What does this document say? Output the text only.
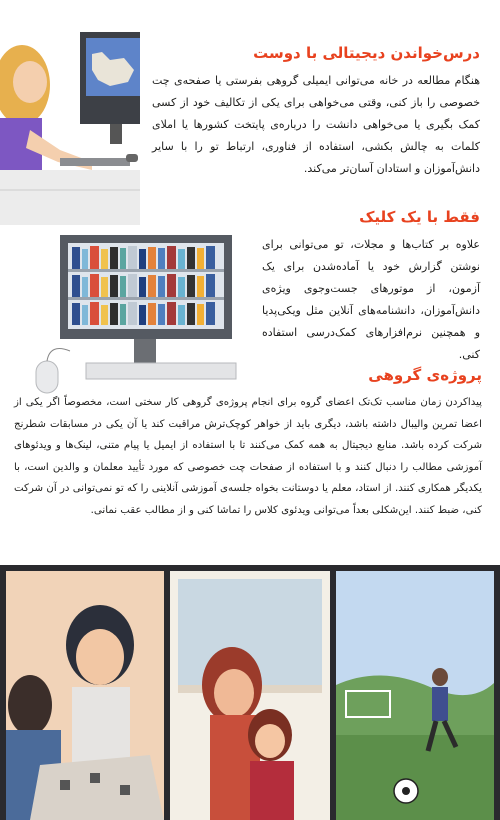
درس‌خواندن دیجیتالی با دوست

هنگام مطالعه در خانه می‌توانی ایمیلی گروهی بفرستی یا صفحه‌ی چت خصوصی را باز کنی، وقتی می‌خواهی برای یکی از تکالیف خود از کسی کمک بگیری یا می‌خواهی دانشت را درباره‌ی پایتخت کشورها یا املای کلمات به چالش بکشی، استفاده از فناوری، ارتباط تو را با سایر دانش‌آموزان و استادان آسان‌تر می‌کند.

فقط با یک کلیک

علاوه بر کتاب‌ها و مجلات، تو می‌توانی برای نوشتن گزارش خود یا آماده‌شدن برای یک آزمون، از موتورهای جست‌وجوی ویژه‌ی دانش‌آموزان، دانشنامه‌های آنلاین مثل ویکی‌پدیا و همچنین نرم‌افزارهای کمک‌درسی استفاده کنی.

پروژه‌ی گروهی

پیداکردن زمان مناسب تک‌تک اعضای گروه برای انجام پروژه‌ی گروهی کار سختی است، مخصوصاً اگر یکی از اعضا تمرین والیبال داشته باشد، دیگری باید از خواهر کوچک‌ترش مراقبت کند یا آن یکی در مسابقات شطرنج شرکت کرده باشد. منابع دیجیتال به همه کمک می‌کنند تا با استفاده از ایمیل یا پیام متنی، لینک‌ها و ویدئوهای آموزشی مطالب را دنبال کنند و با استفاده از صفحات چت خصوصی که مورد تأیید معلمان و والدین است، با یکدیگر همکاری کنند. از استاد، معلم یا دوستانت بخواه جلسه‌ی آموزشی آنلاینی را که تو نمی‌توانی در آن شرکت کنی، ضبط کنند. این‌شکلی بعداً می‌توانی ویدئوی کلاس را تماشا کنی و از مطالب عقب نمانی.
